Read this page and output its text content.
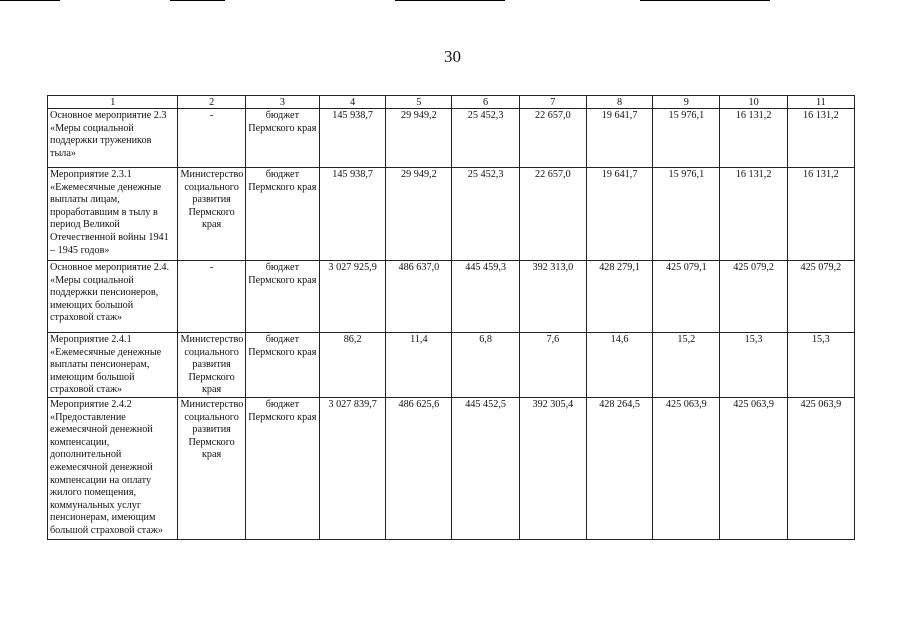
30
1	2	3	4	5	6	7	8	9	10	11
Основное мероприятие 2.3 «Меры социальной поддержки тружеников тыла»	-	бюджет Пермского края	145 938,7	29 949,2	25 452,3	22 657,0	19 641,7	15 976,1	16 131,2	16 131,2
Мероприятие 2.3.1 «Ежемесячные денежные выплаты лицам, проработавшим в тылу в период Великой Отечественной войны 1941 – 1945 годов»	Министерство социального развития Пермского края	бюджет Пермского края	145 938,7	29 949,2	25 452,3	22 657,0	19 641,7	15 976,1	16 131,2	16 131,2
Основное мероприятие 2.4. «Меры социальной поддержки пенсионеров, имеющих большой страховой стаж»	-	бюджет Пермского края	3 027 925,9	486 637,0	445 459,3	392 313,0	428 279,1	425 079,1	425 079,2	425 079,2
Мероприятие 2.4.1 «Ежемесячные денежные выплаты пенсионерам, имеющим большой страховой стаж»	Министерство социального развития Пермского края	бюджет Пермского края	86,2	11,4	6,8	7,6	14,6	15,2	15,3	15,3
Мероприятие 2.4.2 «Предоставление ежемесячной денежной компенсации, дополнительной ежемесячной денежной компенсации на оплату жилого помещения, коммунальных услуг пенсионерам, имеющим большой страховой стаж»	Министерство социального развития Пермского края	бюджет Пермского края	3 027 839,7	486 625,6	445 452,5	392 305,4	428 264,5	425 063,9	425 063,9	425 063,9
